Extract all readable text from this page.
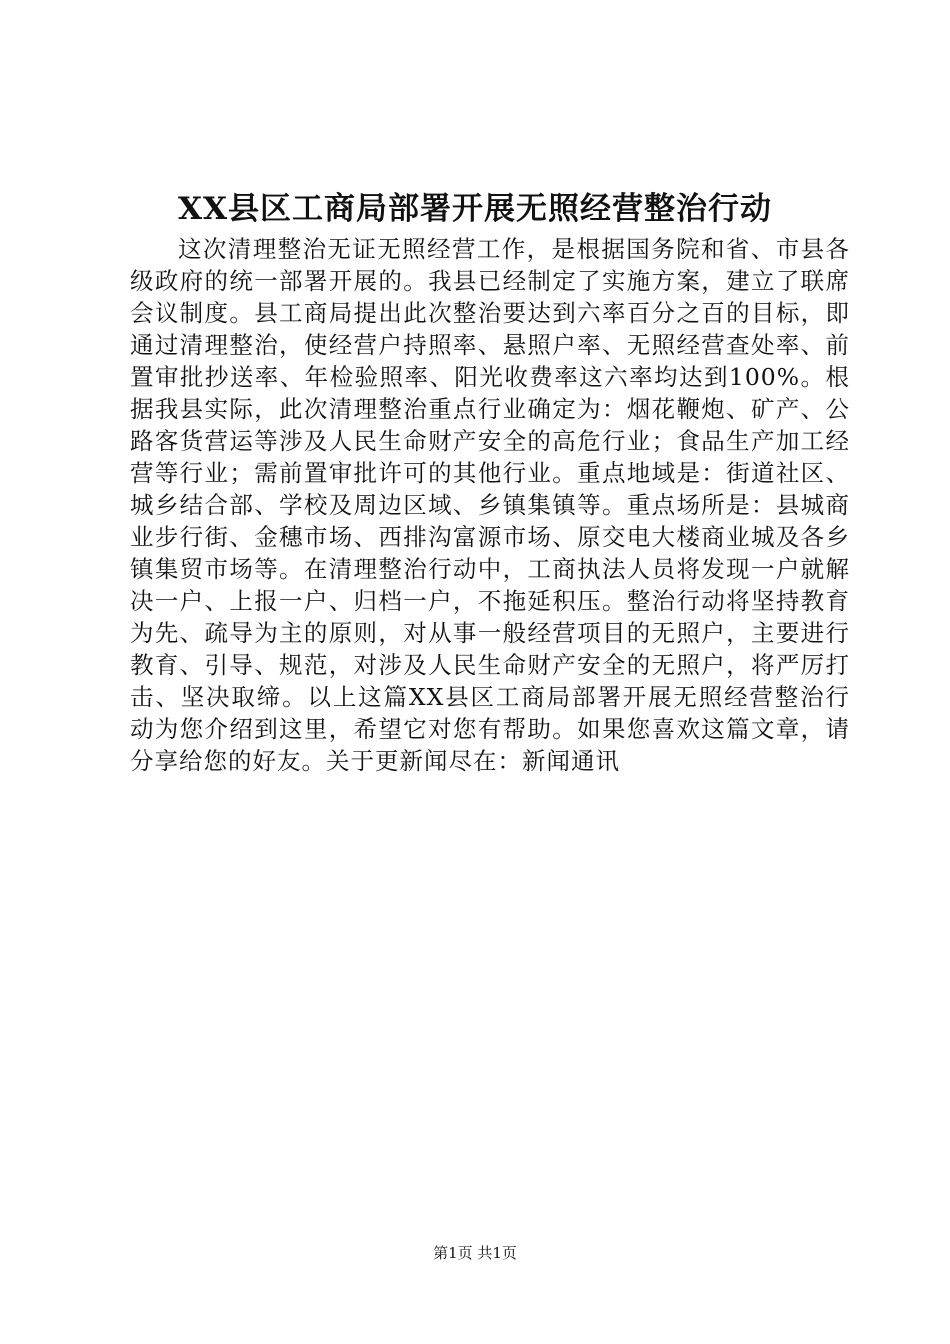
XX县区工商局部署开展无照经营整治行动

这次清理整治无证无照经营工作，是根据国务院和省、市县各级政府的统一部署开展的。我县已经制定了实施方案，建立了联席会议制度。县工商局提出此次整治要达到六率百分之百的目标，即通过清理整治，使经营户持照率、悬照户率、无照经营查处率、前置审批抄送率、年检验照率、阳光收费率这六率均达到100%。根据我县实际，此次清理整治重点行业确定为：烟花鞭炮、矿产、公路客货营运等涉及人民生命财产安全的高危行业；食品生产加工经营等行业；需前置审批许可的其他行业。重点地域是：街道社区、城乡结合部、学校及周边区域、乡镇集镇等。重点场所是：县城商业步行街、金穗市场、西排沟富源市场、原交电大楼商业城及各乡镇集贸市场等。在清理整治行动中，工商执法人员将发现一户就解决一户、上报一户、归档一户，不拖延积压。整治行动将坚持教育为先、疏导为主的原则，对从事一般经营项目的无照户，主要进行教育、引导、规范，对涉及人民生命财产安全的无照户，将严厉打击、坚决取缔。以上这篇XX县区工商局部署开展无照经营整治行动为您介绍到这里，希望它对您有帮助。如果您喜欢这篇文章，请分享给您的好友。关于更新闻尽在：新闻通讯

第1页 共1页
